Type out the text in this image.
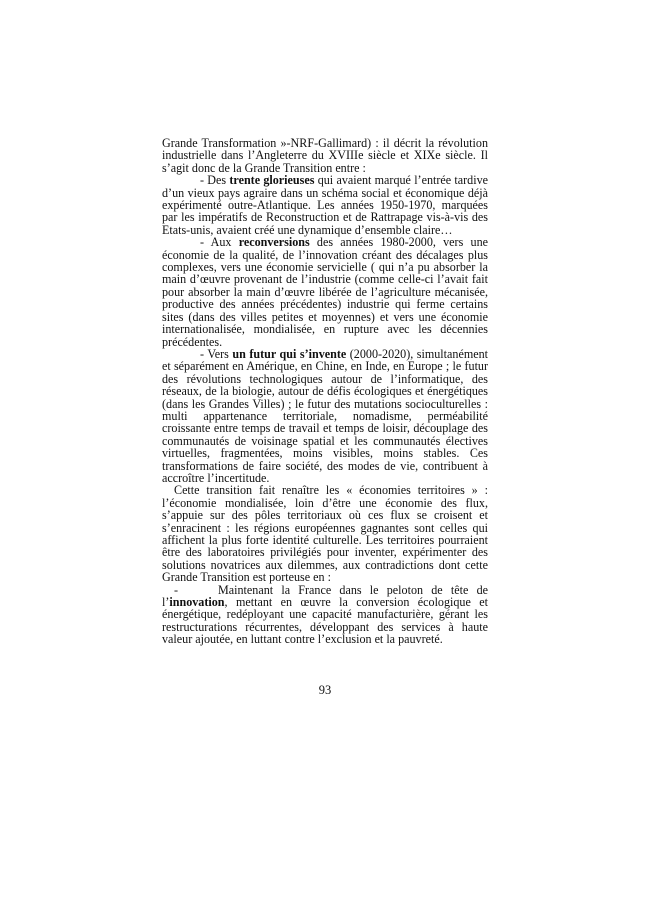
Grande Transformation »-NRF-Gallimard) : il décrit la révolution industrielle dans l’Angleterre du XVIIIe siècle et XIXe siècle. Il s’agit donc de la Grande Transition entre :

- Des trente glorieuses qui avaient marqué l’entrée tardive d’un vieux pays agraire dans un schéma social et économique déjà expérimenté outre-Atlantique. Les années 1950-1970, marquées par les impératifs de Reconstruction et de Rattrapage vis-à-vis des Etats-unis, avaient créé une dynamique d’ensemble claire…

- Aux reconversions des années 1980-2000, vers une économie de la qualité, de l’innovation créant des décalages plus complexes, vers une économie servicielle ( qui n’a pu absorber la main d’œuvre provenant de l’industrie (comme celle-ci l’avait fait pour absorber la main d’œuvre libérée de l’agriculture mécanisée, productive des années précédentes) industrie qui ferme certains sites (dans des villes petites et moyennes) et vers une économie internationalisée, mondialisée, en rupture avec les décennies précédentes.

- Vers un futur qui s’invente (2000-2020), simultanément et séparément en Amérique, en Chine, en Inde, en Europe ; le futur des révolutions technologiques autour de l’informatique, des réseaux, de la biologie, autour de défis écologiques et énergétiques (dans les Grandes Villes) ; le futur des mutations socioculturelles : multi appartenance territoriale, nomadisme, perméabilité croissante entre temps de travail et temps de loisir, découplage des communautés de voisinage spatial et les communautés électives virtuelles, fragmentées, moins visibles, moins stables. Ces transformations de faire société, des modes de vie, contribuent à accroître l’incertitude.

Cette transition fait renaître les « économies territoires » : l’économie mondialisée, loin d’être une économie des flux, s’appuie sur des pôles territoriaux où ces flux se croisent et s’enracinent : les régions européennes gagnantes sont celles qui affichent la plus forte identité culturelle. Les territoires pourraient être des laboratoires privilégiés pour inventer, expérimenter des solutions novatrices aux dilemmes, aux contradictions dont cette Grande Transition est porteuse en :

-	Maintenant la France dans le peloton de tête de l’innovation, mettant en œuvre la conversion écologique et énergétique, redéployant une capacité manufacturière, gérant les restructurations récurrentes, développant des services à haute valeur ajoutée, en luttant contre l’exclusion et la pauvreté.

93
